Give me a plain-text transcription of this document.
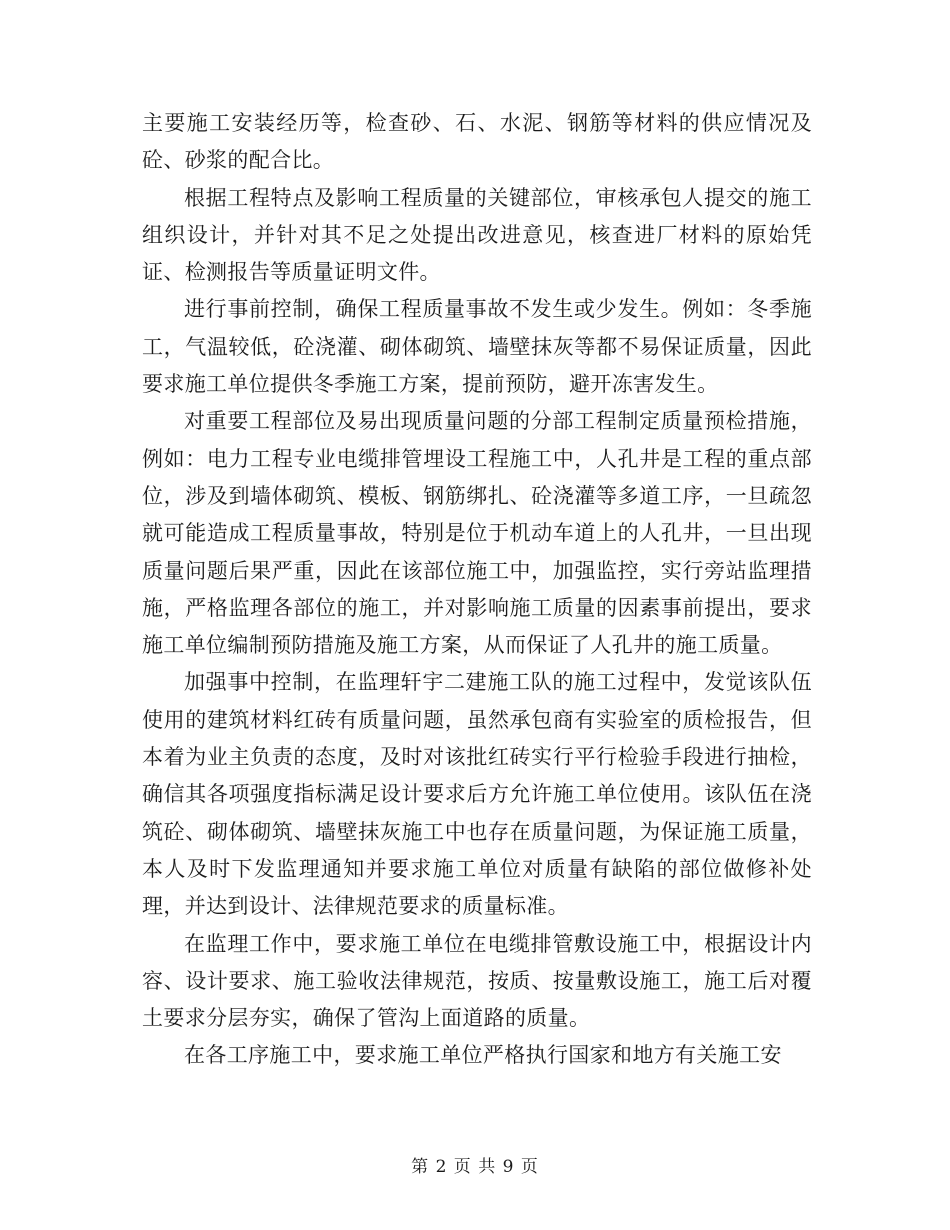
主要施工安装经历等，检查砂、石、水泥、钢筋等材料的供应情况及砼、砂浆的配合比。

根据工程特点及影响工程质量的关键部位，审核承包人提交的施工组织设计，并针对其不足之处提出改进意见，核查进厂材料的原始凭证、检测报告等质量证明文件。

进行事前控制，确保工程质量事故不发生或少发生。例如：冬季施工，气温较低，砼浇灌、砌体砌筑、墙壁抹灰等都不易保证质量，因此要求施工单位提供冬季施工方案，提前预防，避开冻害发生。

对重要工程部位及易出现质量问题的分部工程制定质量预检措施，例如：电力工程专业电缆排管埋设工程施工中，人孔井是工程的重点部位，涉及到墙体砌筑、模板、钢筋绑扎、砼浇灌等多道工序，一旦疏忽就可能造成工程质量事故，特别是位于机动车道上的人孔井，一旦出现质量问题后果严重，因此在该部位施工中，加强监控，实行旁站监理措施，严格监理各部位的施工，并对影响施工质量的因素事前提出，要求施工单位编制预防措施及施工方案，从而保证了人孔井的施工质量。

加强事中控制，在监理轩宇二建施工队的施工过程中，发觉该队伍使用的建筑材料红砖有质量问题，虽然承包商有实验室的质检报告，但本着为业主负责的态度，及时对该批红砖实行平行检验手段进行抽检，确信其各项强度指标满足设计要求后方允许施工单位使用。该队伍在浇筑砼、砌体砌筑、墙壁抹灰施工中也存在质量问题，为保证施工质量，本人及时下发监理通知并要求施工单位对质量有缺陷的部位做修补处理，并达到设计、法律规范要求的质量标准。

在监理工作中，要求施工单位在电缆排管敷设施工中，根据设计内容、设计要求、施工验收法律规范，按质、按量敷设施工，施工后对覆土要求分层夯实，确保了管沟上面道路的质量。

在各工序施工中，要求施工单位严格执行国家和地方有关施工安

第 2 页 共 9 页
